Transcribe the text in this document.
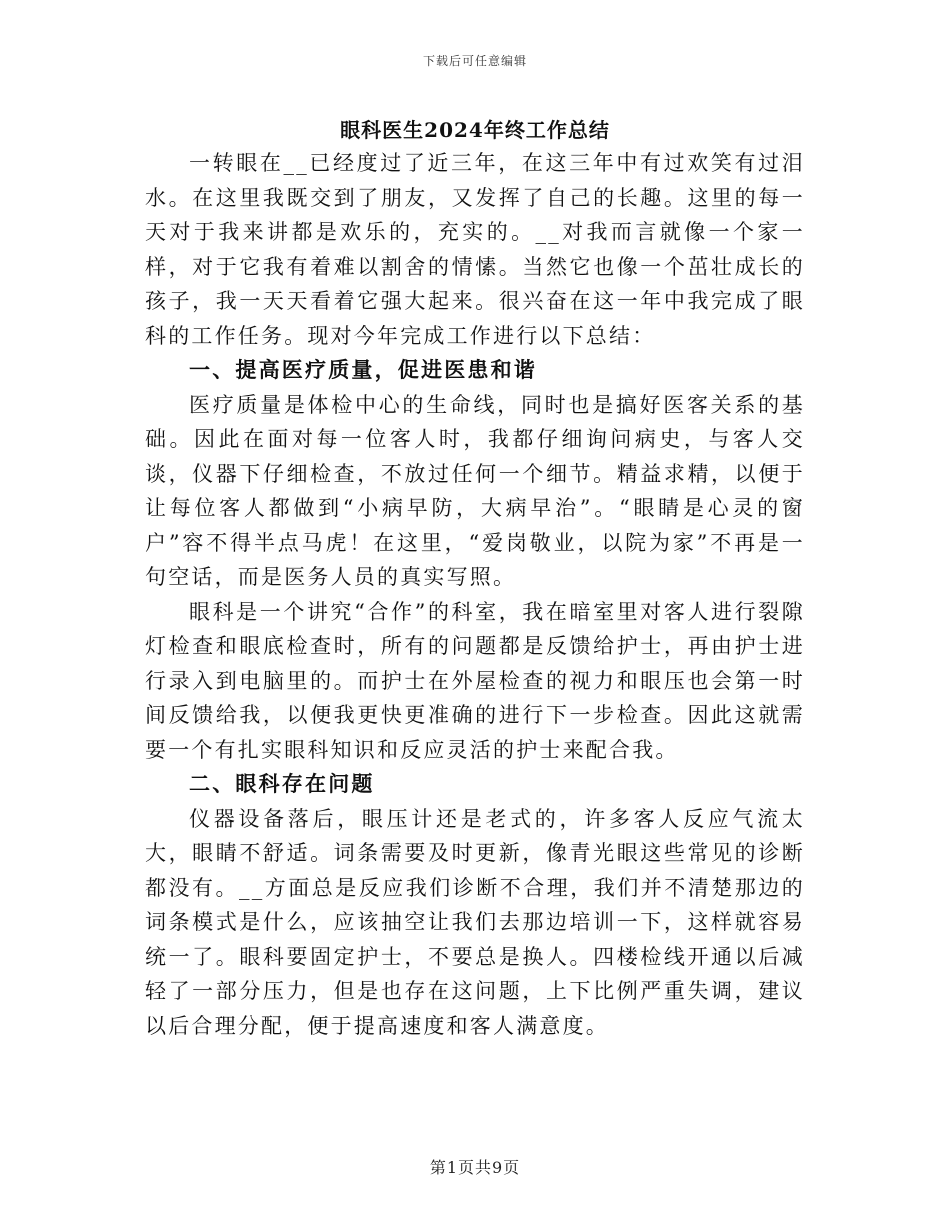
下载后可任意编辑
眼科医生2024年终工作总结

一转眼在__已经度过了近三年，在这三年中有过欢笑有过泪水。在这里我既交到了朋友，又发挥了自己的长趣。这里的每一天对于我来讲都是欢乐的，充实的。__对我而言就像一个家一样，对于它我有着难以割舍的情愫。当然它也像一个茁壮成长的孩子，我一天天看着它强大起来。很兴奋在这一年中我完成了眼科的工作任务。现对今年完成工作进行以下总结：

一、提高医疗质量，促进医患和谐

医疗质量是体检中心的生命线，同时也是搞好医客关系的基础。因此在面对每一位客人时，我都仔细询问病史，与客人交谈，仪器下仔细检查，不放过任何一个细节。精益求精，以便于让每位客人都做到“小病早防，大病早治”。“眼睛是心灵的窗户”容不得半点马虎！在这里，“爱岗敬业，以院为家”不再是一句空话，而是医务人员的真实写照。

眼科是一个讲究“合作”的科室，我在暗室里对客人进行裂隙灯检查和眼底检查时，所有的问题都是反馈给护士，再由护士进行录入到电脑里的。而护士在外屋检查的视力和眼压也会第一时间反馈给我，以便我更快更准确的进行下一步检查。因此这就需要一个有扎实眼科知识和反应灵活的护士来配合我。

二、眼科存在问题

仪器设备落后，眼压计还是老式的，许多客人反应气流太大，眼睛不舒适。词条需要及时更新，像青光眼这些常见的诊断都没有。__方面总是反应我们诊断不合理，我们并不清楚那边的词条模式是什么，应该抽空让我们去那边培训一下，这样就容易统一了。眼科要固定护士，不要总是换人。四楼检线开通以后减轻了一部分压力，但是也存在这问题，上下比例严重失调，建议以后合理分配，便于提高速度和客人满意度。

第1页共9页
